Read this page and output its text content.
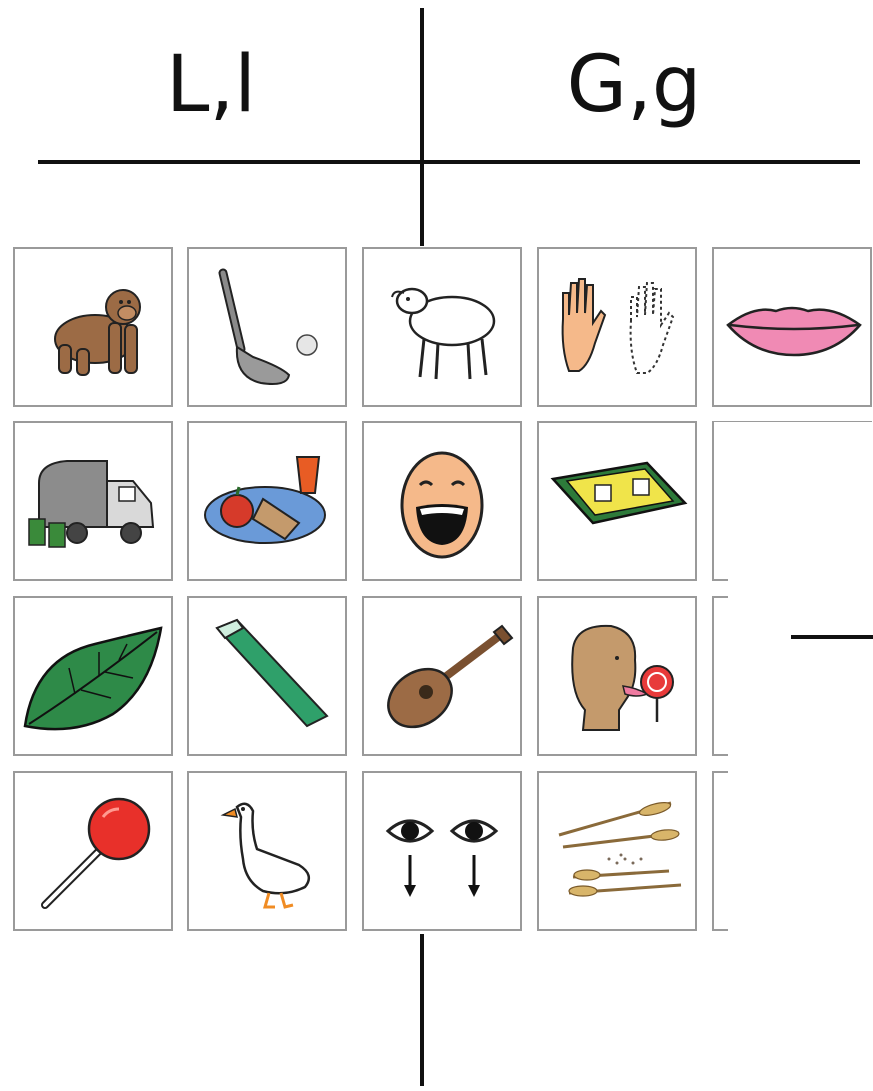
L,l	G,g
